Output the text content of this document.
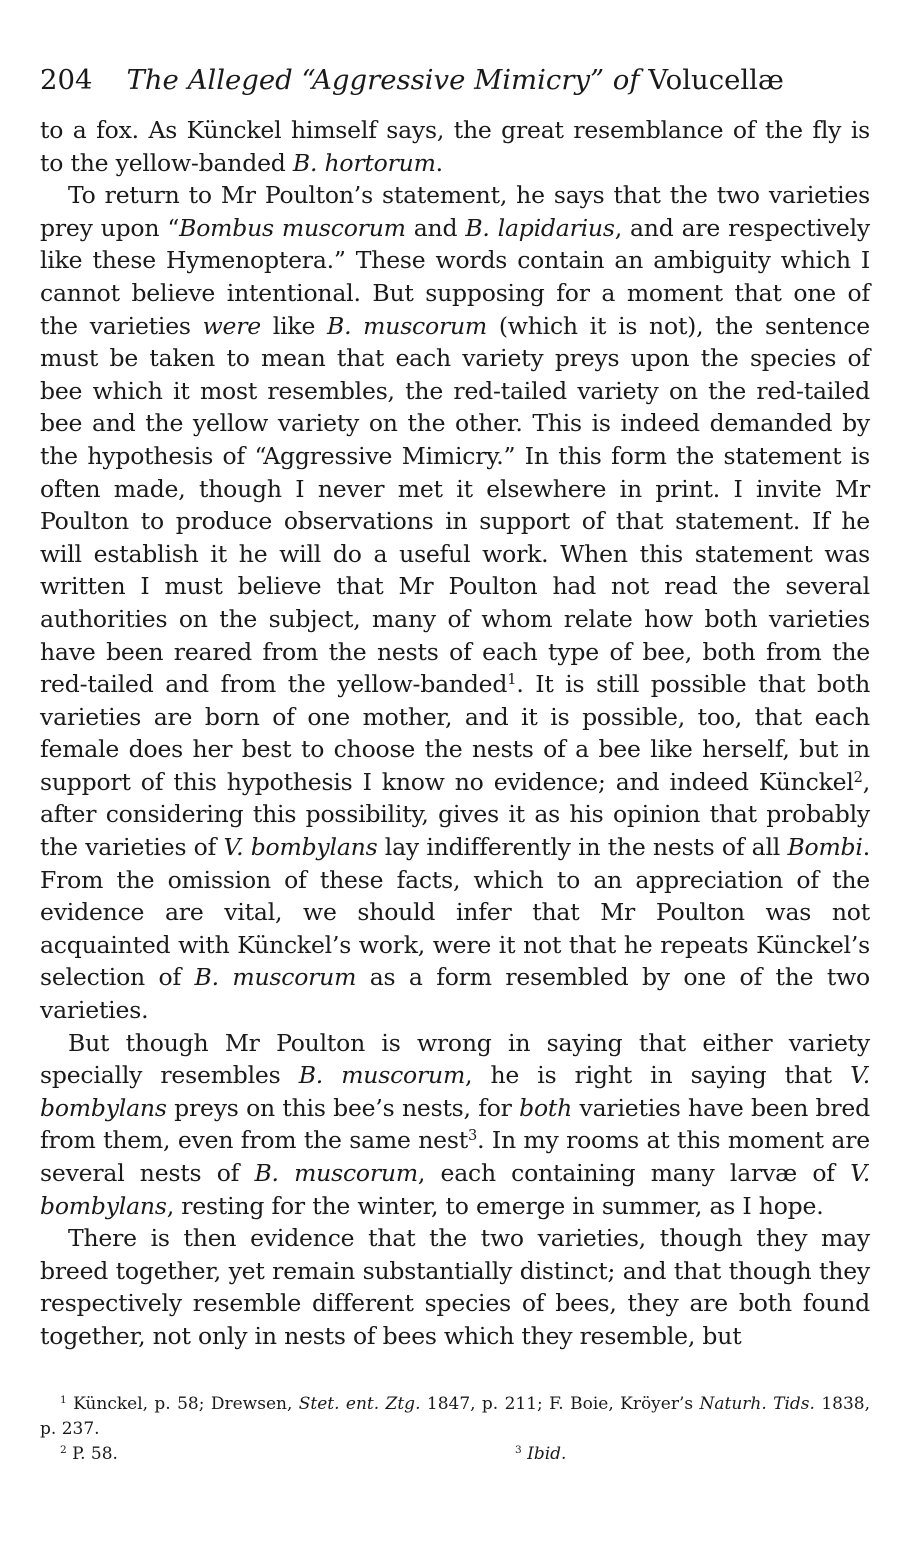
204 The Alleged “Aggressive Mimicry” of Volucellæ

to a fox. As Künckel himself says, the great resemblance of the fly is to the yellow-banded B. hortorum.

To return to Mr Poulton’s statement, he says that the two varieties prey upon “Bombus muscorum and B. lapidarius, and are respectively like these Hymenoptera.” These words contain an ambiguity which I cannot believe intentional. But supposing for a moment that one of the varieties were like B. muscorum (which it is not), the sentence must be taken to mean that each variety preys upon the species of bee which it most resembles, the red-tailed variety on the red-tailed bee and the yellow variety on the other. This is indeed demanded by the hypothesis of “Aggressive Mimicry.” In this form the statement is often made, though I never met it elsewhere in print. I invite Mr Poulton to produce observations in support of that statement. If he will establish it he will do a useful work. When this statement was written I must believe that Mr Poulton had not read the several authorities on the subject, many of whom relate how both varieties have been reared from the nests of each type of bee, both from the red-tailed and from the yellow-banded$^1$. It is still possible that both varieties are born of one mother, and it is possible, too, that each female does her best to choose the nests of a bee like herself, but in support of this hypothesis I know no evidence; and indeed Künckel$^2$, after considering this possibility, gives it as his opinion that probably the varieties of V. bombylans lay indifferently in the nests of all Bombi. From the omission of these facts, which to an appreciation of the evidence are vital, we should infer that Mr Poulton was not acquainted with Künckel’s work, were it not that he repeats Künckel’s selection of B. muscorum as a form resembled by one of the two varieties.

But though Mr Poulton is wrong in saying that either variety specially resembles B. muscorum, he is right in saying that V. bombylans preys on this bee’s nests, for both varieties have been bred from them, even from the same nest$^3$. In my rooms at this moment are several nests of B. muscorum, each containing many larvæ of V. bombylans, resting for the winter, to emerge in summer, as I hope.

There is then evidence that the two varieties, though they may breed together, yet remain substantially distinct; and that though they respectively resemble different species of bees, they are both found together, not only in nests of bees which they resemble, but

$^1$ Künckel, p. 58; Drewsen, Stet. ent. Ztg. 1847, p. 211; F. Boie, Kröyer’s Naturh. Tids. 1838, p. 237.

$^2$ P. 58.	$^3$ Ibid.
